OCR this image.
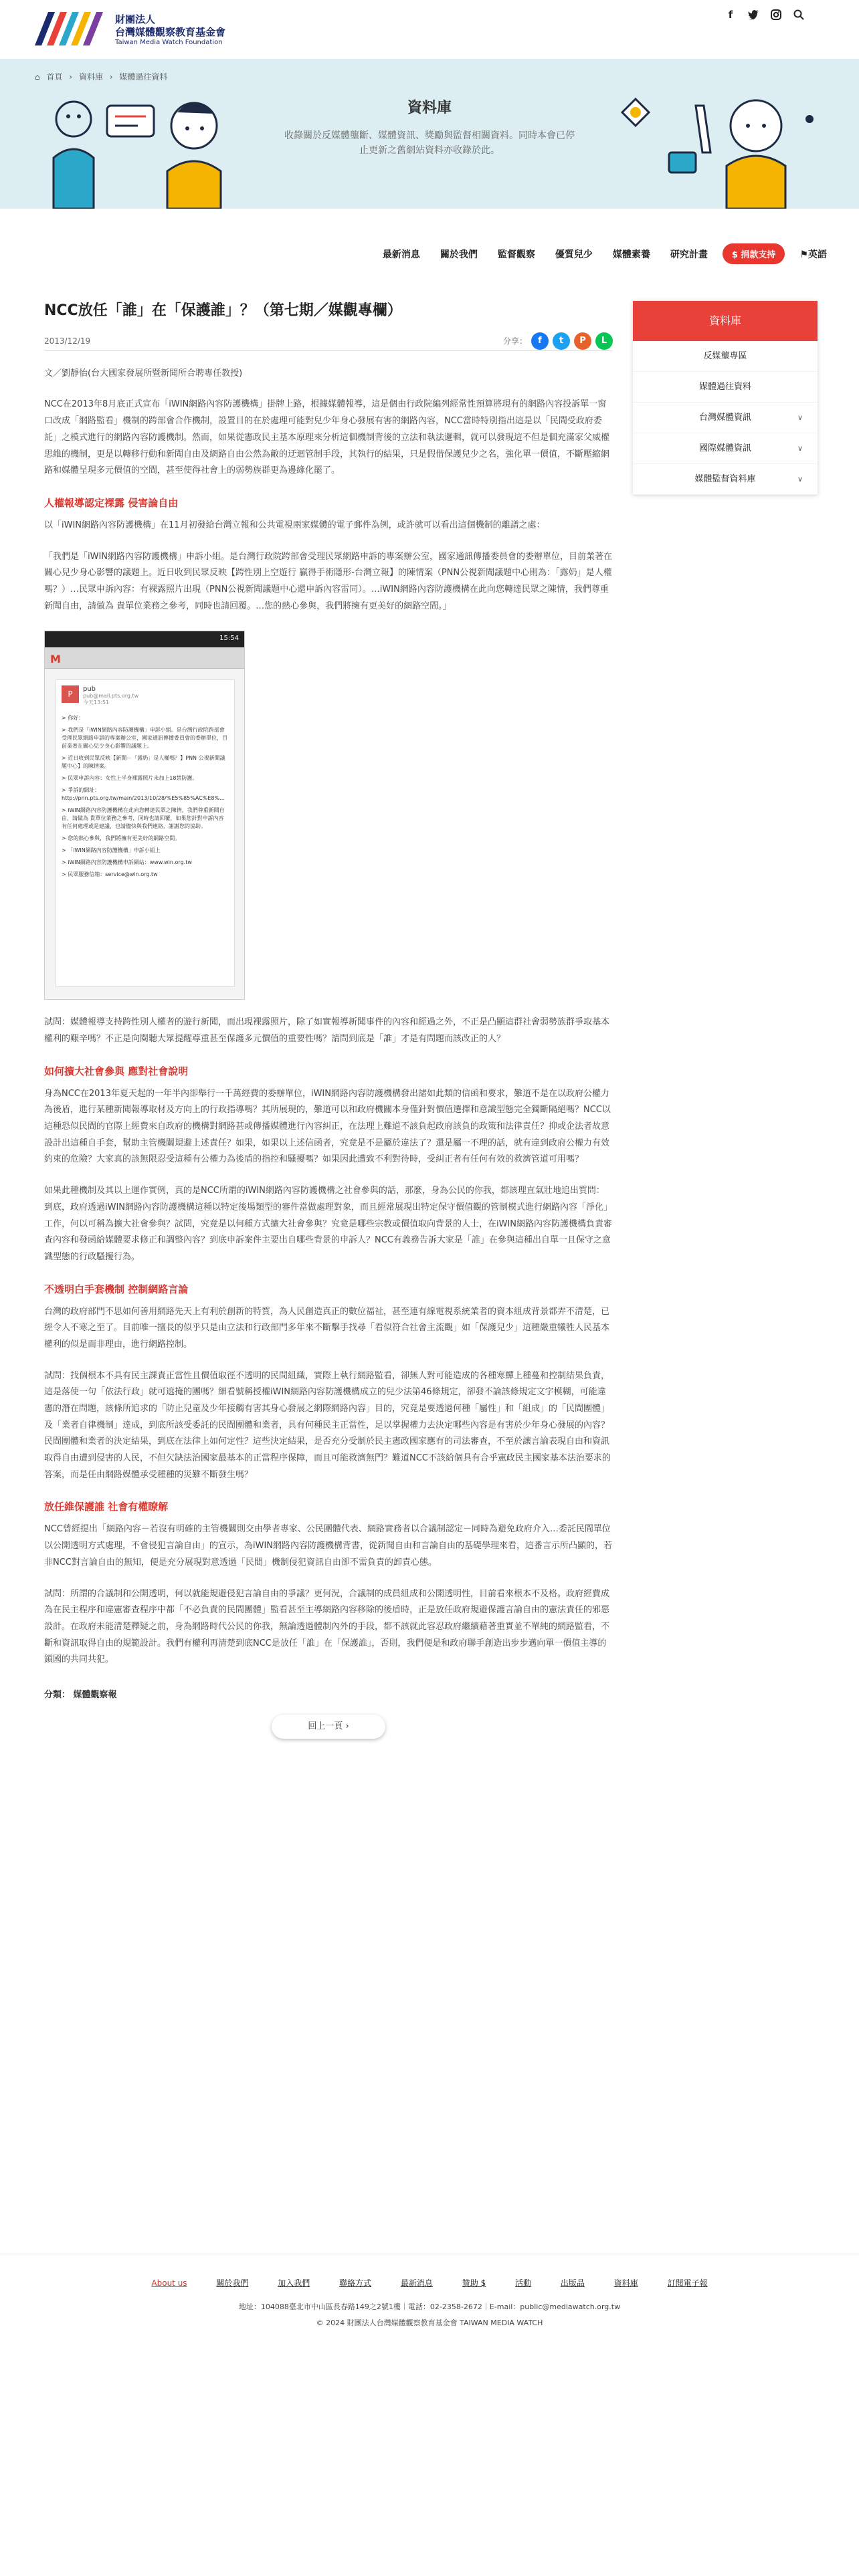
財團法人
台灣媒體觀察教育基金會
Taiwan Media Watch Foundation
f
⌂ 首頁 › 資料庫 › 媒體過往資料
資料庫
收錄關於反媒體壟斷、媒體資訊、獎勵與監督相關資料。同時本會已停止更新之舊網站資料亦收錄於此。
最新消息 關於我們 監督觀察 優質兒少 媒體素養 研究計畫	$ 捐款支持	⚑英語
NCC放任「誰」在「保護誰」？（第七期／媒觀專欄）
2013/12/19	分享：	f	t	P	L

文／劉靜怡(台大國家發展所暨新聞所合聘專任教授)

NCC在2013年8月底正式宣布「iWIN網路內容防護機構」掛牌上路，根據媒體報導，這是個由行政院編列經常性預算將現有的網路內容投訴單一窗口改成「網路監看」機制的跨部會合作機制，設置目的在於處理可能對兒少年身心發展有害的網路內容，NCC當時特別指出這是以「民間受政府委託」之模式進行的網路內容防護機制。然而，如果從憲政民主基本原理來分析這個機制背後的立法和執法邏輯，就可以發現這不但是個充滿家父威權思維的機制，更是以轉移行動和新聞自由及網路自由公然為敵的迂迴管制手段，其執行的結果，只是假借保護兒少之名，強化單一價值，不斷壓縮網路和媒體呈現多元價值的空間，甚至使得社會上的弱勢族群更為邊緣化罷了。

人權報導認定裸露 侵害論自由

以「iWIN網路內容防護機構」在11月初發給台灣立報和公共電視兩家媒體的電子郵件為例，或許就可以看出這個機制的離譜之處：

「我們是「iWIN網路內容防護機構」申訴小組。是台灣行政院跨部會受理民眾網路申訴的專案辦公室，國家通訊傳播委員會的委辦單位，目前業著在關心兒少身心影響的議題上。近日收到民眾反映【跨性別上空遊行 贏得手術隱形-台灣立報】的陳情案（PNN公視新聞議題中心則為：「露奶」是人權嗎？）…民眾申訴內容：有裸露照片出現（PNN公視新聞議題中心還申訴內容雷同）。…iWIN網路內容防護機構在此向您轉達民眾之陳情，我們尊重新聞自由，請做為 貴單位業務之參考，同時也請回覆。…您的熱心參與，我們將擁有更美好的網路空間。」

15:54
M
P
pub
pub@mail.pts.org.tw
今天13:51
> 你好：
> 我們是「iWIN網路內容防護機構」申訴小組。是台灣行政院跨部會受理民眾網路申訴的專案辦公室，國家通訊傳播委員會的委辦單位，目前業著在關心兒少身心影響的議題上。
> 近日收到民眾反映【新聞－「露奶」是人權嗎？】PNN 公視新聞議題中心】的陳情案。
> 民眾申訴內容：女性上半身裸露照片未加上18禁防護。
> 爭訴的網址：http://pnn.pts.org.tw/main/2013/10/28/%E5%85%AC%E8%...
> iWIN網路內容防護機構在此向您轉達民眾之陳情，我們尊重新聞自由，請做為 貴單位業務之參考，同時也請回覆，如果您針對申訴內容有任何處理或是建議，也請儘快與我們連絡，謝謝您的協助。
> 您的熱心參與，我們將擁有更美好的網路空間。
> 「iWIN網路內容防護機構」申訴小組上
> iWIN網路內容防護機構申訴網站：www.win.org.tw
> 民眾服務信箱：service@win.org.tw

試問：媒體報導支持跨性別人權者的遊行新聞，而出現裸露照片，除了如實報導新聞事件的內容和經過之外，不正是凸顯這群社會弱勢族群爭取基本權利的艱辛嗎？不正是向閱聽大眾提醒尊重甚至保護多元價值的重要性嗎？請問到底是「誰」才是有問題而該改正的人？

如何擴大社會參與 應對社會說明

身為NCC在2013年夏天起的一年半內卻舉行一千萬經費的委辦單位，iWIN網路內容防護機構發出諸如此類的信函和要求，難道不是在以政府公權力為後盾，進行某種新聞報導取材及方向上的行政指導嗎？其所展現的，難道可以和政府機關本身僅針對價值選擇和意識型態完全獨斷隔絕嗎？NCC以這種恐似民間的官際上經費來自政府的機構對網路甚或傳播媒體進行內容糾正，在法理上難道不該負起政府該負的政策和法律責任？抑或企法者故意設計出這種自手套，幫助主管機關規避上述責任？如果，如果以上述信函者，究竟是不是屬於違法了？還是屬一不理的話，就有違到政府公權力有效約束的危險？大家真的該無限忍受這種有公權力為後盾的指控和騷擾嗎？如果因此遭致不利對待時，受糾正者有任何有效的救濟管道可用嗎？

如果此種機制及其以上運作實例，真的是NCC所謂的iWIN網路內容防護機構之社會參與的話，那麼，身為公民的你我，都該理直氣壯地追出質問：到底，政府透過iWIN網路內容防護機構這種以特定後場類型的審件當做處理對象，而且經常展現出特定保守價值觀的管制模式進行網路內容「淨化」工作，何以可稱為擴大社會參與？試問，究竟是以何種方式擴大社會參與？究竟是哪些宗教或價值取向背景的人士，在iWIN網路內容防護機構負責審查內容和發函給媒體要求修正和調整內容？到底申訴案件主要出自哪些背景的申訴人？NCC有義務告訴大家是「誰」在參與這種出自單一且保守之意識型態的行政騷擾行為。

不透明白手套機制 控制網路言論

台灣的政府部門不思如何善用網路先天上有利於創新的特質，為人民創造真正的數位福祉，甚至連有線電視系統業者的資本組成背景都弄不清楚，已經令人不寒之至了。目前唯一擅長的似乎只是由立法和行政部門多年來不斷擊手找尋「看似符合社會主流觀」如「保護兒少」這種嚴重犧牲人民基本權利的似是而非理由，進行網路控制。

試問：找個根本不具有民主課責正當性且價值取徑不透明的民間組織，實際上執行網路監看，卻無人對可能造成的各種寒蟬上種蔓和控制結果負責，這是落使一句「依法行政」就可遮掩的團嗎？細看號稱授權iWIN網路內容防護機構成立的兒少法第46條規定，卻發不論該條規定文字模糊，可能違憲的潛在問題，該條所追求的「防止兒童及少年接觸有害其身心發展之網際網路內容」目的，究竟是要透過何種「屬性」和「組成」的「民間團體」及「業者自律機制」達成，到底所該受委託的民間團體和業者，具有何種民主正當性，足以掌握權力去決定哪些內容是有害於少年身心發展的內容？民間團體和業者的決定結果，到底在法律上如何定性？這些決定結果，是否充分受制於民主憲政國家應有的司法審查，不至於讓言論表現自由和資訊取得自由遭到侵害的人民，不但欠缺法治國家最基本的正當程序保障，而且可能救濟無門？難道NCC不該給個具有合乎憲政民主國家基本法治要求的答案，而是任由網路媒體承受種種的災難不斷發生嗎？

放任維保護誰 社會有權瞭解

NCC曾經提出「網路內容－若沒有明確的主管機關則交由學者專家、公民團體代表、網路實務者以合議制認定－同時為避免政府介入…委託民間單位以公開透明方式處理，不會侵犯言論自由」的宣示，為iWIN網路內容防護機構背書，從新聞自由和言論自由的基礎學理來看，這番言示所凸顯的，若非NCC對言論自由的無知，便是充分展現對意透過「民間」機制侵犯資訊自由卻不需負責的卸責心態。

試問：所謂的合議制和公開透明，何以就能規避侵犯言論自由的爭議？更何況，合議制的成員組成和公開透明性，目前看來根本不及格。政府經費成為在民主程序和違憲審查程序中都「不必負責的民間團體」監看甚至主導網路內容移除的後盾時，正是放任政府規避保護言論自由的憲法責任的邪惡設計。在政府未能清楚釋疑之前，身為網路時代公民的你我，無論透過體制內外的手段，都不該就此容忍政府繼續藉著重實並不單純的網路監看，不斷和資訊取得自由的規範設計。我們有權利再清楚到底NCC是放任「誰」在「保護誰」，否則，我們便是和政府聯手創造出步步邁向單一價值主導的鎖國的共同共犯。

分類： 媒體觀察報
回上一頁 ›
資料庫
反媒壟專區
媒體過往資料
台灣媒體資訊	∨
國際媒體資訊	∨
媒體監督資料庫	∨
About us	關於我們	加入我們	聯絡方式	最新消息	贊助 $	活動	出版品	資料庫	訂閱電子報
地址：104088臺北市中山區長春路149之2號1樓｜電話：02-2358-2672｜E-mail：public@mediawatch.org.tw
© 2024 財團法人台灣媒體觀察教育基金會 TAIWAN MEDIA WATCH
